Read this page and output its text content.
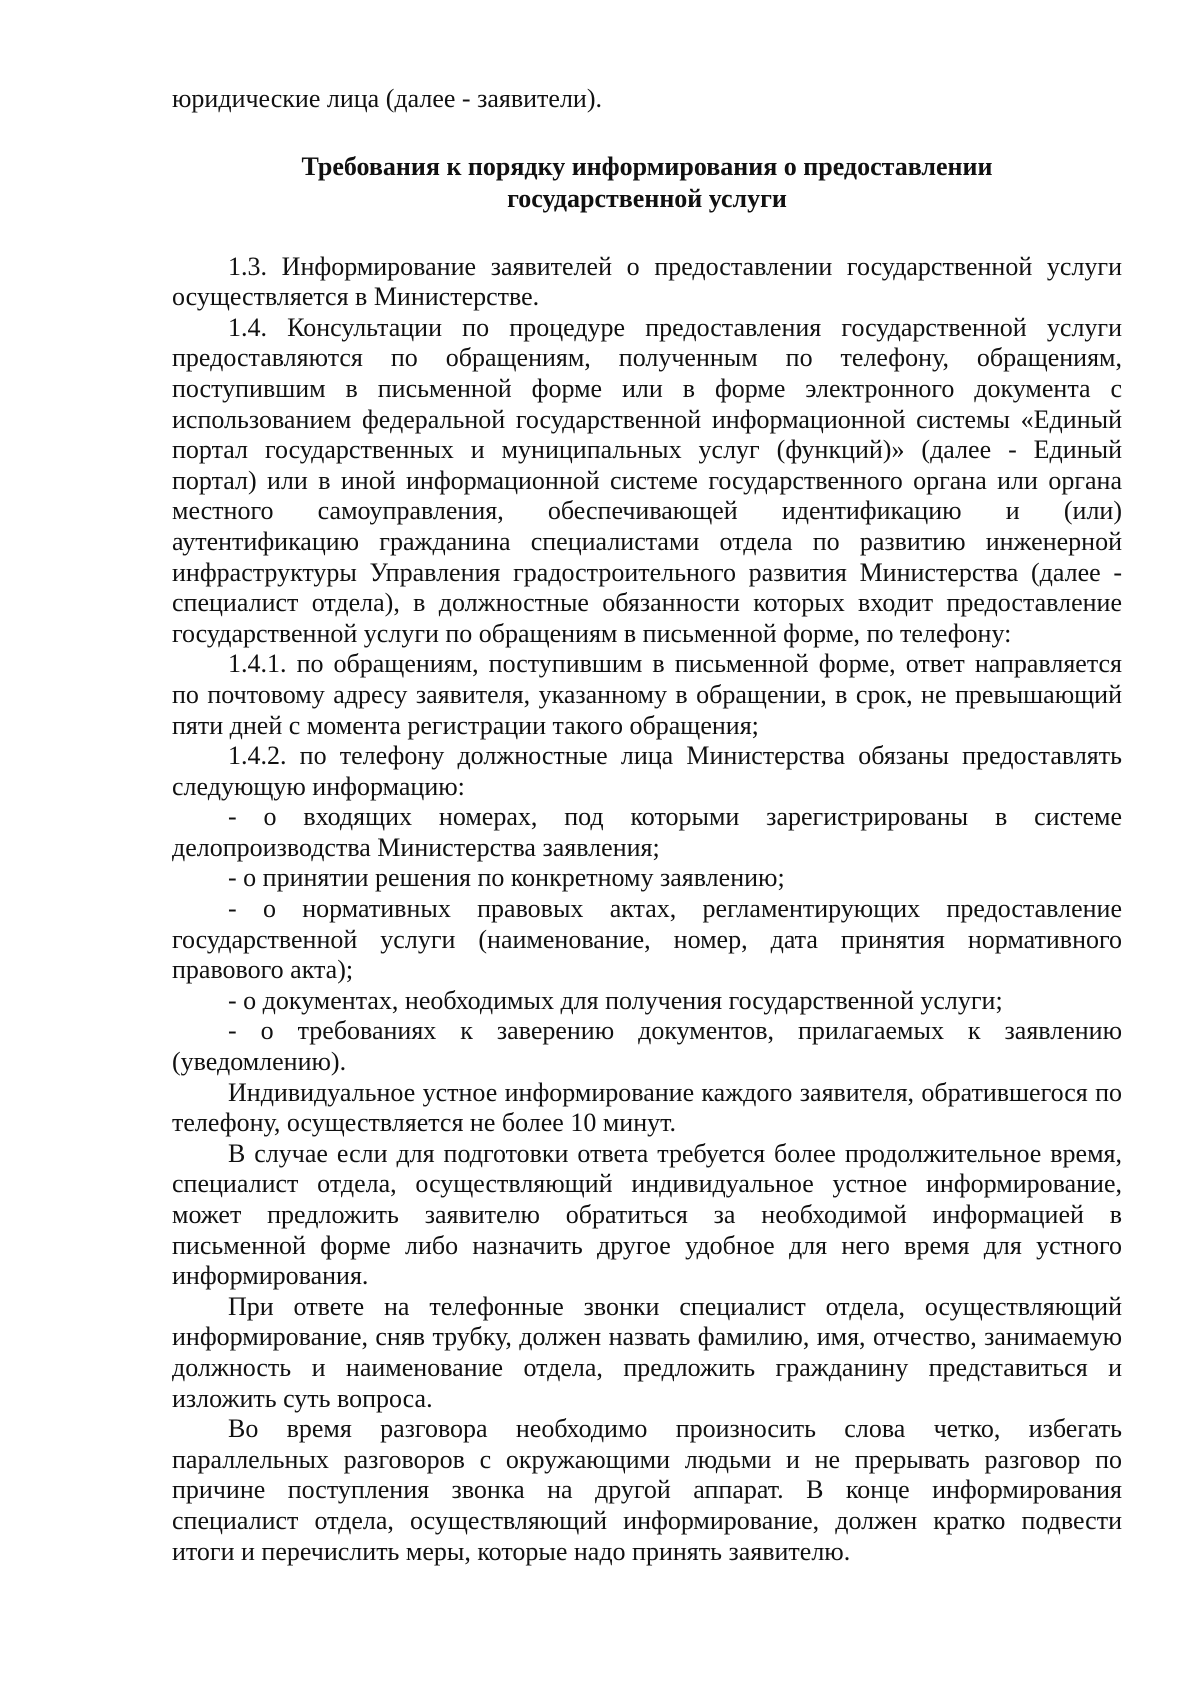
юридические лица (далее - заявители).

Требования к порядку информирования о предоставлении
государственной услуги

1.3. Информирование заявителей о предоставлении государственной услуги осуществляется в Министерстве.

1.4. Консультации по процедуре предоставления государственной услуги предоставляются по обращениям, полученным по телефону, обращениям, поступившим в письменной форме или в форме электронного документа с использованием федеральной государственной информационной системы «Единый портал государственных и муниципальных услуг (функций)» (далее - Единый портал) или в иной информационной системе государственного органа или органа местного самоуправления, обеспечивающей идентификацию и (или) аутентификацию гражданина специалистами отдела по развитию инженерной инфраструктуры Управления градостроительного развития Министерства (далее - специалист отдела), в должностные обязанности которых входит предоставление государственной услуги по обращениям в письменной форме, по телефону:

1.4.1. по обращениям, поступившим в письменной форме, ответ направляется по почтовому адресу заявителя, указанному в обращении, в срок, не превышающий пяти дней с момента регистрации такого обращения;

1.4.2. по телефону должностные лица Министерства обязаны предоставлять следующую информацию:

- о входящих номерах, под которыми зарегистрированы в системе делопроизводства Министерства заявления;

- о принятии решения по конкретному заявлению;

- о нормативных правовых актах, регламентирующих предоставление государственной услуги (наименование, номер, дата принятия нормативного правового акта);

- о документах, необходимых для получения государственной услуги;

- о требованиях к заверению документов, прилагаемых к заявлению (уведомлению).

Индивидуальное устное информирование каждого заявителя, обратившегося по телефону, осуществляется не более 10 минут.

В случае если для подготовки ответа требуется более продолжительное время, специалист отдела, осуществляющий индивидуальное устное информирование, может предложить заявителю обратиться за необходимой информацией в письменной форме либо назначить другое удобное для него время для устного информирования.

При ответе на телефонные звонки специалист отдела, осуществляющий информирование, сняв трубку, должен назвать фамилию, имя, отчество, занимаемую должность и наименование отдела, предложить гражданину представиться и изложить суть вопроса.

Во время разговора необходимо произносить слова четко, избегать параллельных разговоров с окружающими людьми и не прерывать разговор по причине поступления звонка на другой аппарат. В конце информирования специалист отдела, осуществляющий информирование, должен кратко подвести итоги и перечислить меры, которые надо принять заявителю.
